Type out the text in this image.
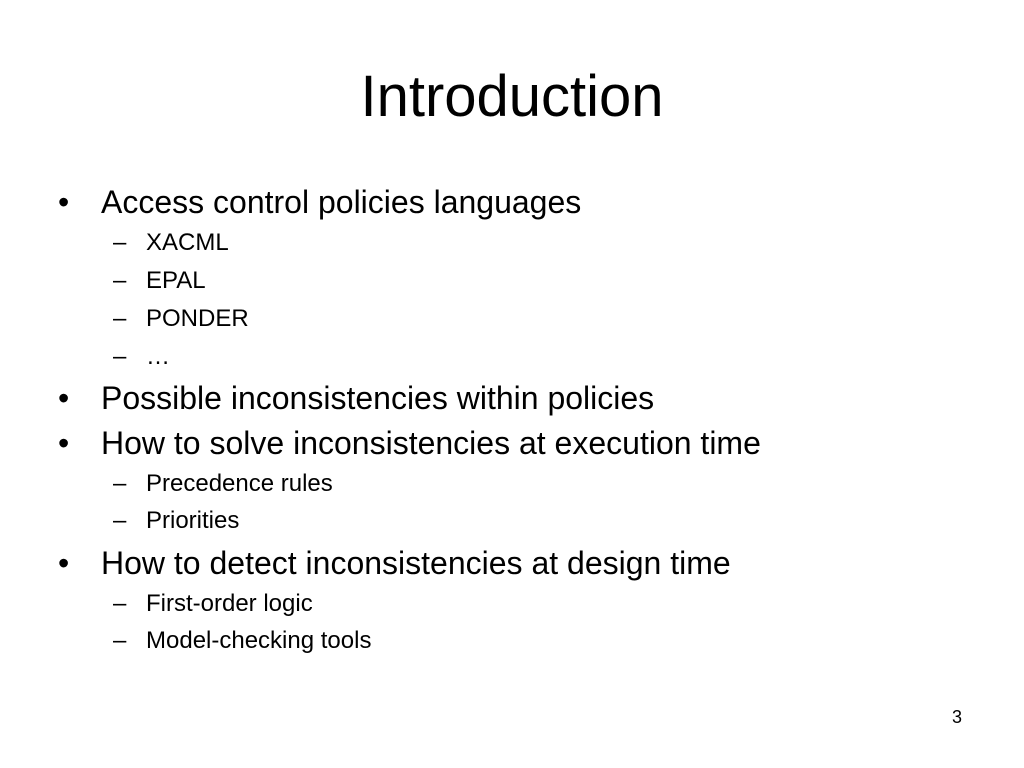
Introduction
• Access control policies languages
– XACML
– EPAL
– PONDER
– …
• Possible inconsistencies within policies
• How to solve inconsistencies at execution time
– Precedence rules
– Priorities
• How to detect inconsistencies at design time
– First-order logic
– Model-checking tools
3
